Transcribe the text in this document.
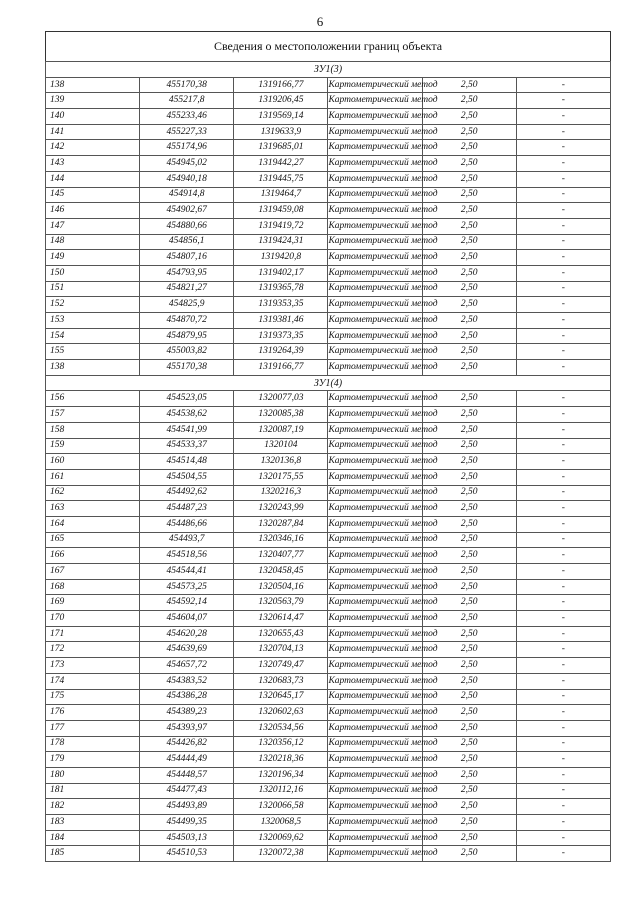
6
Сведения о местоположении границ объекта
ЗУ1(3)					
138	455170,38	1319166,77	Картометрический метод	2,50	-
139	455217,8	1319206,45	Картометрический метод	2,50	-
140	455233,46	1319569,14	Картометрический метод	2,50	-
141	455227,33	1319633,9	Картометрический метод	2,50	-
142	455174,96	1319685,01	Картометрический метод	2,50	-
143	454945,02	1319442,27	Картометрический метод	2,50	-
144	454940,18	1319445,75	Картометрический метод	2,50	-
145	454914,8	1319464,7	Картометрический метод	2,50	-
146	454902,67	1319459,08	Картометрический метод	2,50	-
147	454880,66	1319419,72	Картометрический метод	2,50	-
148	454856,1	1319424,31	Картометрический метод	2,50	-
149	454807,16	1319420,8	Картометрический метод	2,50	-
150	454793,95	1319402,17	Картометрический метод	2,50	-
151	454821,27	1319365,78	Картометрический метод	2,50	-
152	454825,9	1319353,35	Картометрический метод	2,50	-
153	454870,72	1319381,46	Картометрический метод	2,50	-
154	454879,95	1319373,35	Картометрический метод	2,50	-
155	455003,82	1319264,39	Картометрический метод	2,50	-
138	455170,38	1319166,77	Картометрический метод	2,50	-
ЗУ1(4)					
156	454523,05	1320077,03	Картометрический метод	2,50	-
157	454538,62	1320085,38	Картометрический метод	2,50	-
158	454541,99	1320087,19	Картометрический метод	2,50	-
159	454533,37	1320104	Картометрический метод	2,50	-
160	454514,48	1320136,8	Картометрический метод	2,50	-
161	454504,55	1320175,55	Картометрический метод	2,50	-
162	454492,62	1320216,3	Картометрический метод	2,50	-
163	454487,23	1320243,99	Картометрический метод	2,50	-
164	454486,66	1320287,84	Картометрический метод	2,50	-
165	454493,7	1320346,16	Картометрический метод	2,50	-
166	454518,56	1320407,77	Картометрический метод	2,50	-
167	454544,41	1320458,45	Картометрический метод	2,50	-
168	454573,25	1320504,16	Картометрический метод	2,50	-
169	454592,14	1320563,79	Картометрический метод	2,50	-
170	454604,07	1320614,47	Картометрический метод	2,50	-
171	454620,28	1320655,43	Картометрический метод	2,50	-
172	454639,69	1320704,13	Картометрический метод	2,50	-
173	454657,72	1320749,47	Картометрический метод	2,50	-
174	454383,52	1320683,73	Картометрический метод	2,50	-
175	454386,28	1320645,17	Картометрический метод	2,50	-
176	454389,23	1320602,63	Картометрический метод	2,50	-
177	454393,97	1320534,56	Картометрический метод	2,50	-
178	454426,82	1320356,12	Картометрический метод	2,50	-
179	454444,49	1320218,36	Картометрический метод	2,50	-
180	454448,57	1320196,34	Картометрический метод	2,50	-
181	454477,43	1320112,16	Картометрический метод	2,50	-
182	454493,89	1320066,58	Картометрический метод	2,50	-
183	454499,35	1320068,5	Картометрический метод	2,50	-
184	454503,13	1320069,62	Картометрический метод	2,50	-
185	454510,53	1320072,38	Картометрический метод	2,50	-
